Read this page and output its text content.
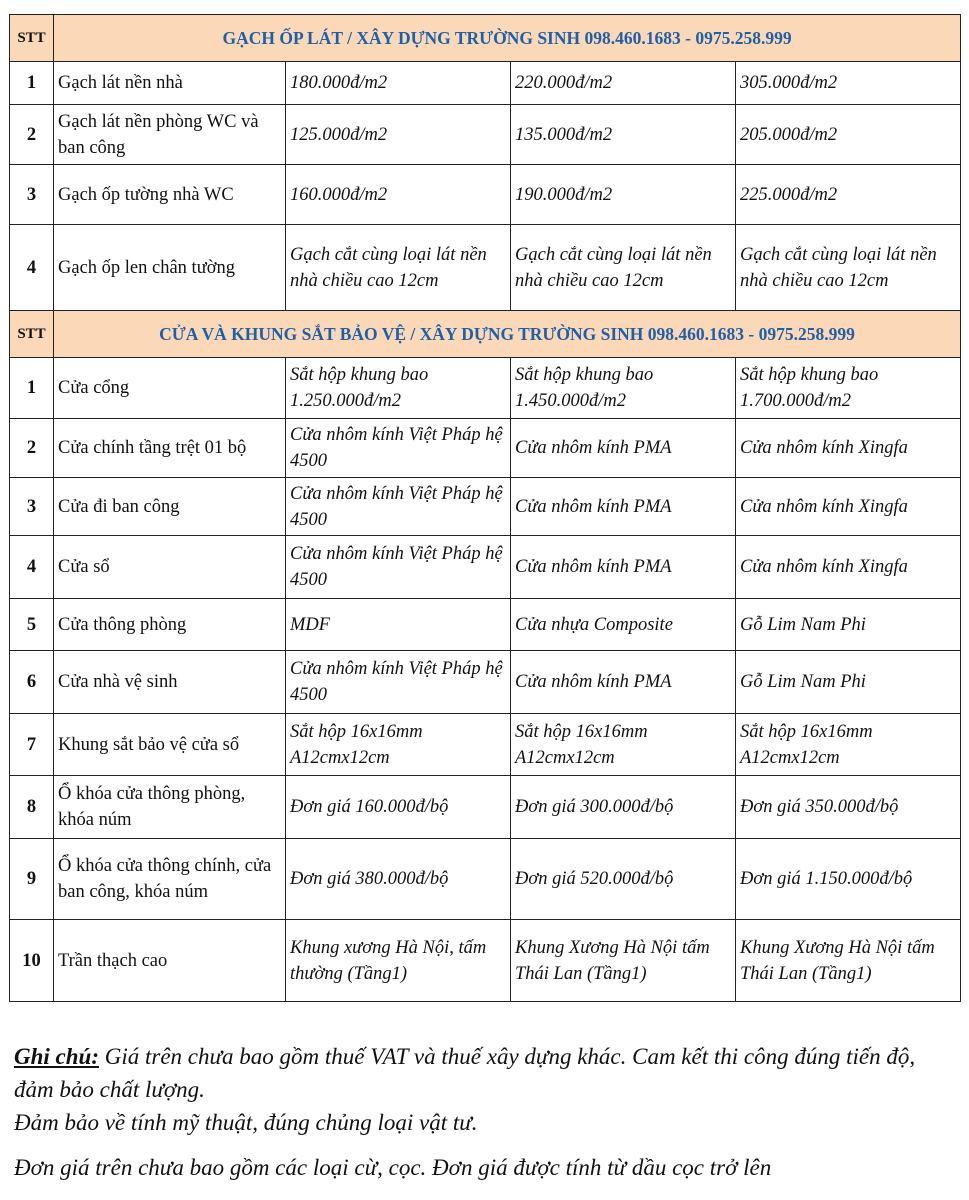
STT	GẠCH ỐP LÁT / XÂY DỰNG TRƯỜNG SINH 098.460.1683 - 0975.258.999			
1	Gạch lát nền nhà	180.000đ/m2	220.000đ/m2	305.000đ/m2
2	Gạch lát nền phòng WC và ban công	125.000đ/m2	135.000đ/m2	205.000đ/m2
3	Gạch ốp tường nhà WC	160.000đ/m2	190.000đ/m2	225.000đ/m2
4	Gạch ốp len chân tường	Gạch cắt cùng loại lát nền nhà chiều cao 12cm	Gạch cắt cùng loại lát nền nhà chiều cao 12cm	Gạch cắt cùng loại lát nền nhà chiều cao 12cm
STT	CỬA VÀ KHUNG SẮT BẢO VỆ / XÂY DỰNG TRƯỜNG SINH 098.460.1683 - 0975.258.999			
1	Cửa cổng	Sắt hộp khung bao 1.250.000đ/m2	Sắt hộp khung bao 1.450.000đ/m2	Sắt hộp khung bao 1.700.000đ/m2
2	Cửa chính tầng trệt 01 bộ	Cửa nhôm kính Việt Pháp hệ 4500	Cửa nhôm kính PMA	Cửa nhôm kính Xingfa
3	Cửa đi ban công	Cửa nhôm kính Việt Pháp hệ 4500	Cửa nhôm kính PMA	Cửa nhôm kính Xingfa
4	Cửa sổ	Cửa nhôm kính Việt Pháp hệ 4500	Cửa nhôm kính PMA	Cửa nhôm kính Xingfa
5	Cửa thông phòng	MDF	Cửa nhựa Composite	Gỗ Lim Nam Phi
6	Cửa nhà vệ sinh	Cửa nhôm kính Việt Pháp hệ 4500	Cửa nhôm kính PMA	Gỗ Lim Nam Phi
7	Khung sắt bảo vệ cửa sổ	Sắt hộp 16x16mm A12cmx12cm	Sắt hộp 16x16mm A12cmx12cm	Sắt hộp 16x16mm A12cmx12cm
8	Ổ khóa cửa thông phòng, khóa núm	Đơn giá 160.000đ/bộ	Đơn giá 300.000đ/bộ	Đơn giá 350.000đ/bộ
9	Ổ khóa cửa thông chính, cửa ban công, khóa núm	Đơn giá 380.000đ/bộ	Đơn giá 520.000đ/bộ	Đơn giá 1.150.000đ/bộ
10	Trần thạch cao	Khung xương Hà Nội, tấm thường (Tầng1)	Khung Xương Hà Nội tấm Thái Lan (Tầng1)	Khung Xương Hà Nội tấm Thái Lan (Tầng1)

Ghi chú: Giá trên chưa bao gồm thuế VAT và thuế xây dựng khác. Cam kết thi công đúng tiến độ, đảm bảo chất lượng.

Đảm bảo về tính mỹ thuật, đúng chủng loại vật tư.

Đơn giá trên chưa bao gồm các loại cừ, cọc. Đơn giá được tính từ dầu cọc trở lên
